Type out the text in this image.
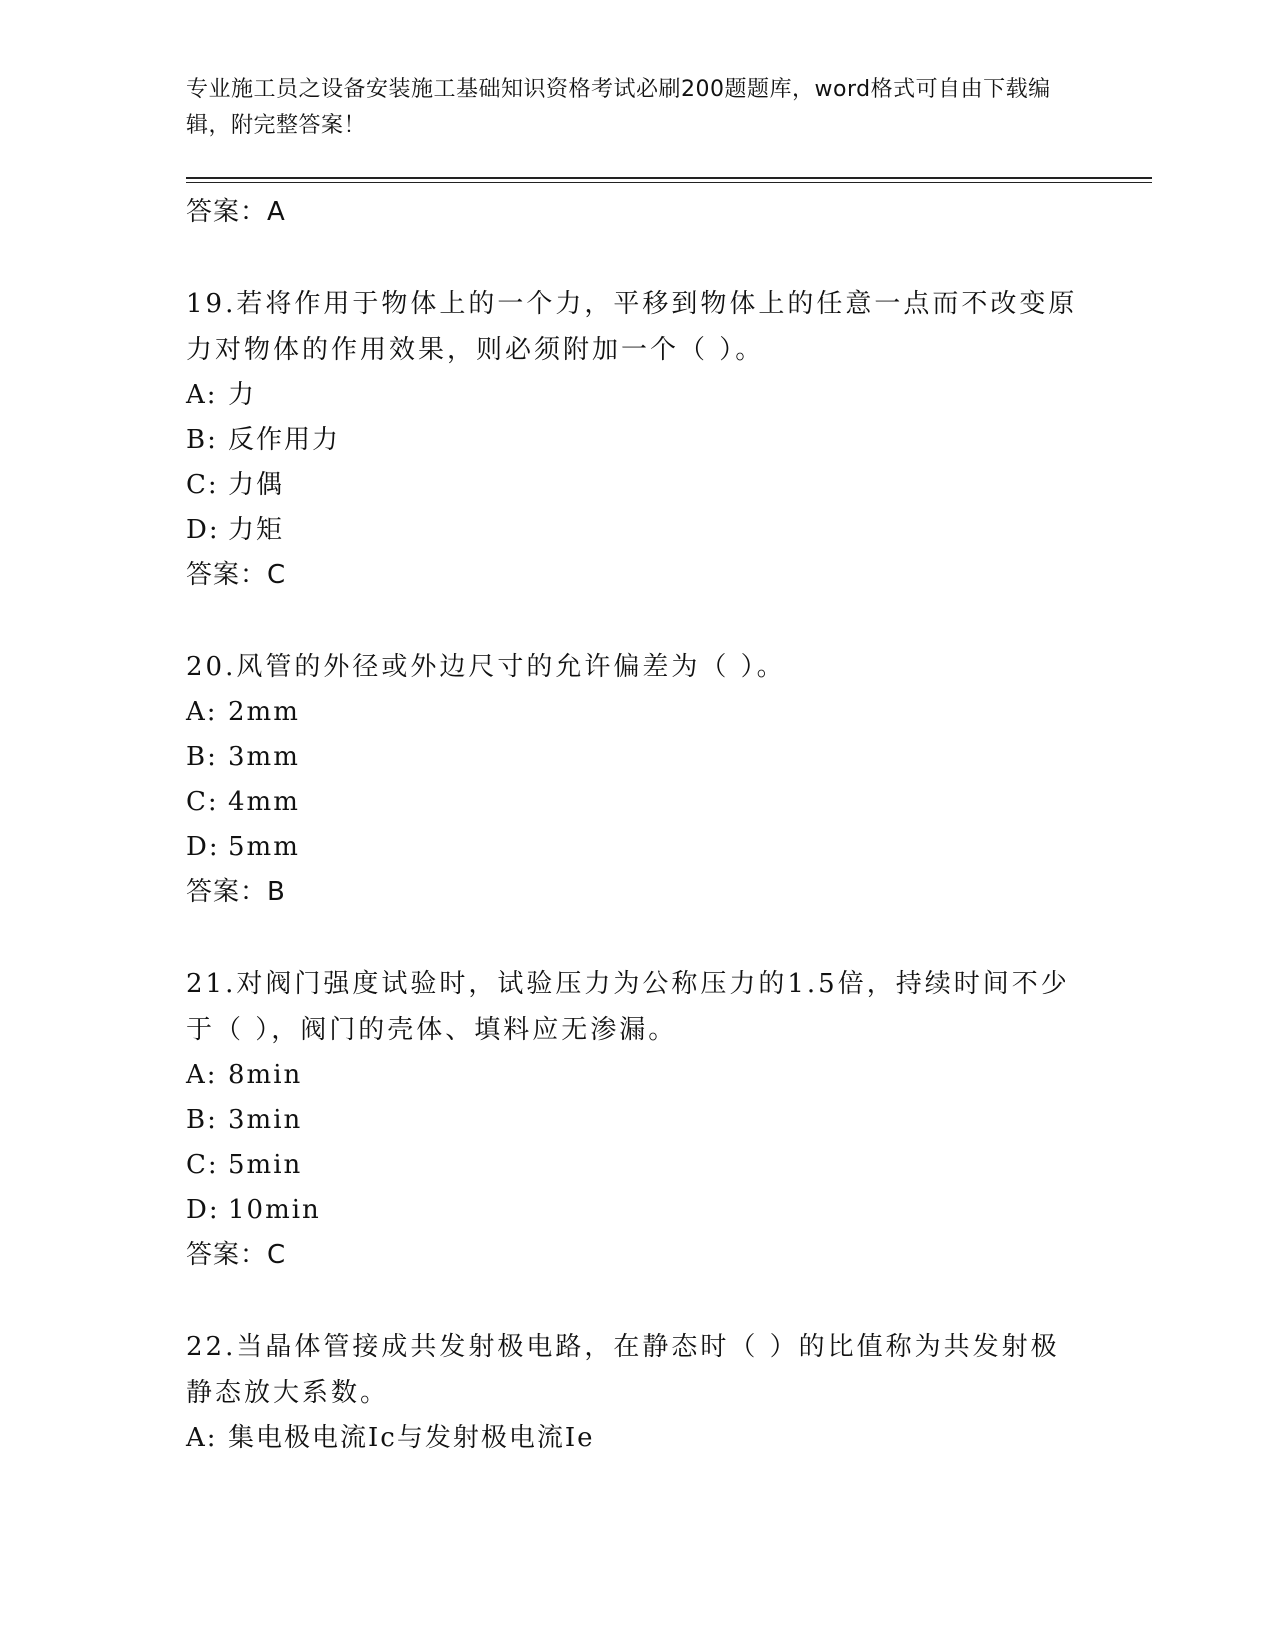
专业施工员之设备安装施工基础知识资格考试必刷200题题库，word格式可自由下载编辑，附完整答案！
答案：A
19.若将作用于物体上的一个力，平移到物体上的任意一点而不改变原力对物体的作用效果，则必须附加一个（ ）。
A: 力
B: 反作用力
C: 力偶
D: 力矩
答案：C
20.风管的外径或外边尺寸的允许偏差为（ ）。
A: 2mm
B: 3mm
C: 4mm
D: 5mm
答案：B
21.对阀门强度试验时，试验压力为公称压力的1.5倍，持续时间不少于（ ），阀门的壳体、填料应无渗漏。
A: 8min
B: 3min
C: 5min
D: 10min
答案：C
22.当晶体管接成共发射极电路，在静态时（ ）的比值称为共发射极静态放大系数。
A: 集电极电流Ic与发射极电流Ie
